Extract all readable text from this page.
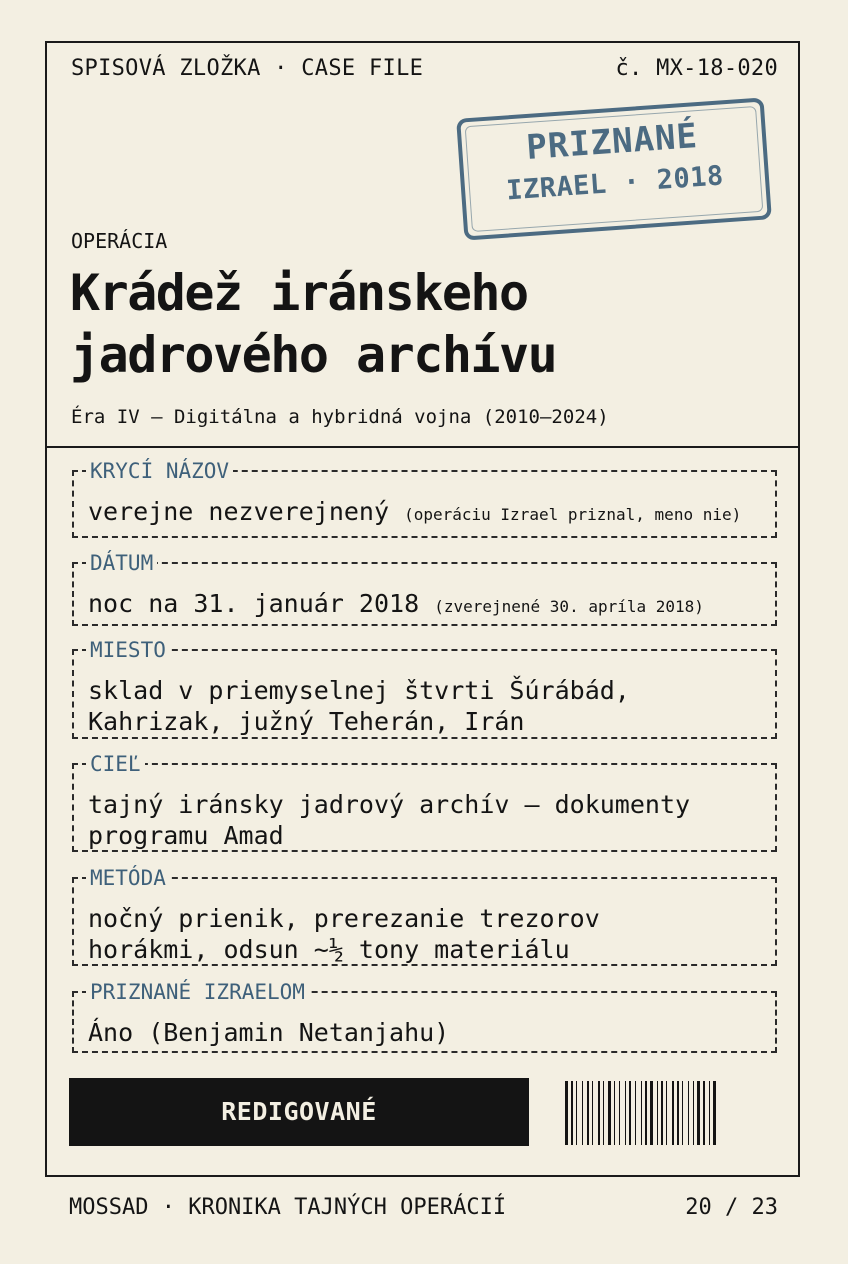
SPISOVÁ ZLOŽKA · CASE FILE	č. MX-18-020
PRIZNANÉ
IZRAEL · 2018
OPERÁCIA
Krádež iránskeho
jadrového archívu
Éra IV — Digitálna a hybridná vojna (2010–2024)
KRYCÍ NÁZOV
verejne nezverejnený (operáciu Izrael priznal, meno nie)
DÁTUM
noc na 31. január 2018 (zverejnené 30. apríla 2018)
MIESTO
sklad v priemyselnej štvrti Šúrábád,
Kahrizak, južný Teherán, Irán
CIEĽ
tajný iránsky jadrový archív — dokumenty
programu Amad
METÓDA
nočný prienik, prerezanie trezorov
horákmi, odsun ~½ tony materiálu
PRIZNANÉ IZRAELOM
Áno (Benjamin Netanjahu)
REDIGOVANÉ
MOSSAD · KRONIKA TAJNÝCH OPERÁCIÍ	20 / 23
